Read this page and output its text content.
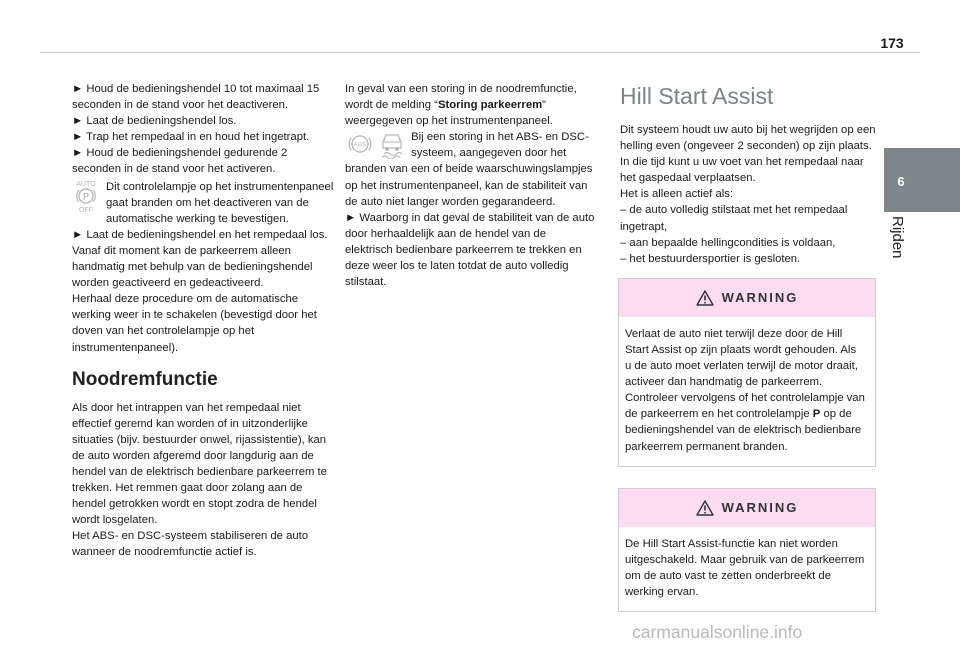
173
6
Rijden

► Houd de bedieningshendel 10 tot maximaal 15 seconden in de stand voor het deactiveren.

► Laat de bedieningshendel los.

► Trap het rempedaal in en houd het ingetrapt.

► Houd de bedieningshendel gedurende 2 seconden in de stand voor het activeren.

AUTO
P
OFF

Dit controlelampje op het instrumentenpaneel gaat branden om het deactiveren van de automatische werking te bevestigen.

► Laat de bedieningshendel en het rempedaal los.

Vanaf dit moment kan de parkeerrem alleen handmatig met behulp van de bedieningshendel worden geactiveerd en gedeactiveerd.

Herhaal deze procedure om de automatische werking weer in te schakelen (bevestigd door het doven van het controlelampje op het instrumentenpaneel).

Noodremfunctie

Als door het intrappen van het rempedaal niet effectief geremd kan worden of in uitzonderlijke situaties (bijv. bestuurder onwel, rijassistentie), kan de auto worden afgeremd door langdurig aan de hendel van de elektrisch bedienbare parkeerrem te trekken. Het remmen gaat door zolang aan de hendel getrokken wordt en stopt zodra de hendel wordt losgelaten.

Het ABS- en DSC-systeem stabiliseren de auto wanneer de noodremfunctie actief is.

In geval van een storing in de noodremfunctie, wordt de melding “Storing parkeerrem” weergegeven op het instrumentenpaneel.

ABS

Bij een storing in het ABS- en DSC-systeem, aangegeven door het branden van een of beide waarschuwingslampjes op het instrumentenpaneel, kan de stabiliteit van de auto niet langer worden gegarandeerd.

► Waarborg in dat geval de stabiliteit van de auto door herhaaldelijk aan de hendel van de elektrisch bedienbare parkeerrem te trekken en deze weer los te laten totdat de auto volledig stilstaat.

Hill Start Assist

Dit systeem houdt uw auto bij het wegrijden op een helling even (ongeveer 2 seconden) op zijn plaats. In die tijd kunt u uw voet van het rempedaal naar het gaspedaal verplaatsen.

Het is alleen actief als:

– de auto volledig stilstaat met het rempedaal ingetrapt,

– aan bepaalde hellingcondities is voldaan,

– het bestuurdersportier is gesloten.

WARNING

Verlaat de auto niet terwijl deze door de Hill Start Assist op zijn plaats wordt gehouden. Als u de auto moet verlaten terwijl de motor draait, activeer dan handmatig de parkeerrem. Controleer vervolgens of het controlelampje van de parkeerrem en het controlelampje P op de bedieningshendel van de elektrisch bedienbare parkeerrem permanent branden.

WARNING

De Hill Start Assist-functie kan niet worden uitgeschakeld. Maar gebruik van de parkeerrem om de auto vast te zetten onderbreekt de werking ervan.

carmanualsonline.info
